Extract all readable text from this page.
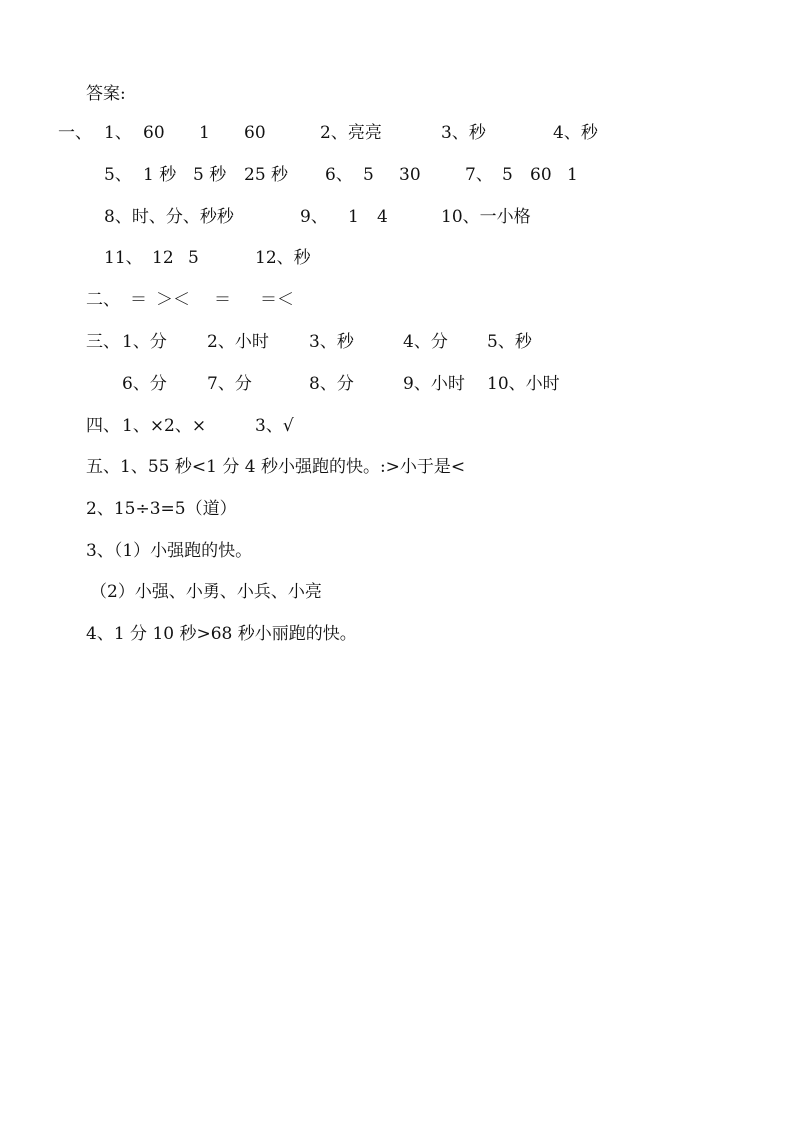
答案:

一、

1、

60

1

60

	2、亮亮

	3、秒

	4、秒

5、

1 秒

5 秒

25 秒

6、

5

30

	7、

5

60

1

8、时、分、秒秒

	9、

1

4

	10、一小格

11、

12

5

	12、秒

二、

＝

＞＜

＝

＝＜

三、

1、分

2、小时

3、秒

	4、分

5、秒

6、分

7、分

	8、分

	9、小时

10、小时

四、

1、×2、×

	3、√

五、1、55 秒<1 分 4 秒小强跑的快。:>小于是<

2、15÷3=5（道）

3、（1）小强跑的快。

（2）小强、小勇、小兵、小亮

4、1 分 10 秒>68 秒小丽跑的快。
